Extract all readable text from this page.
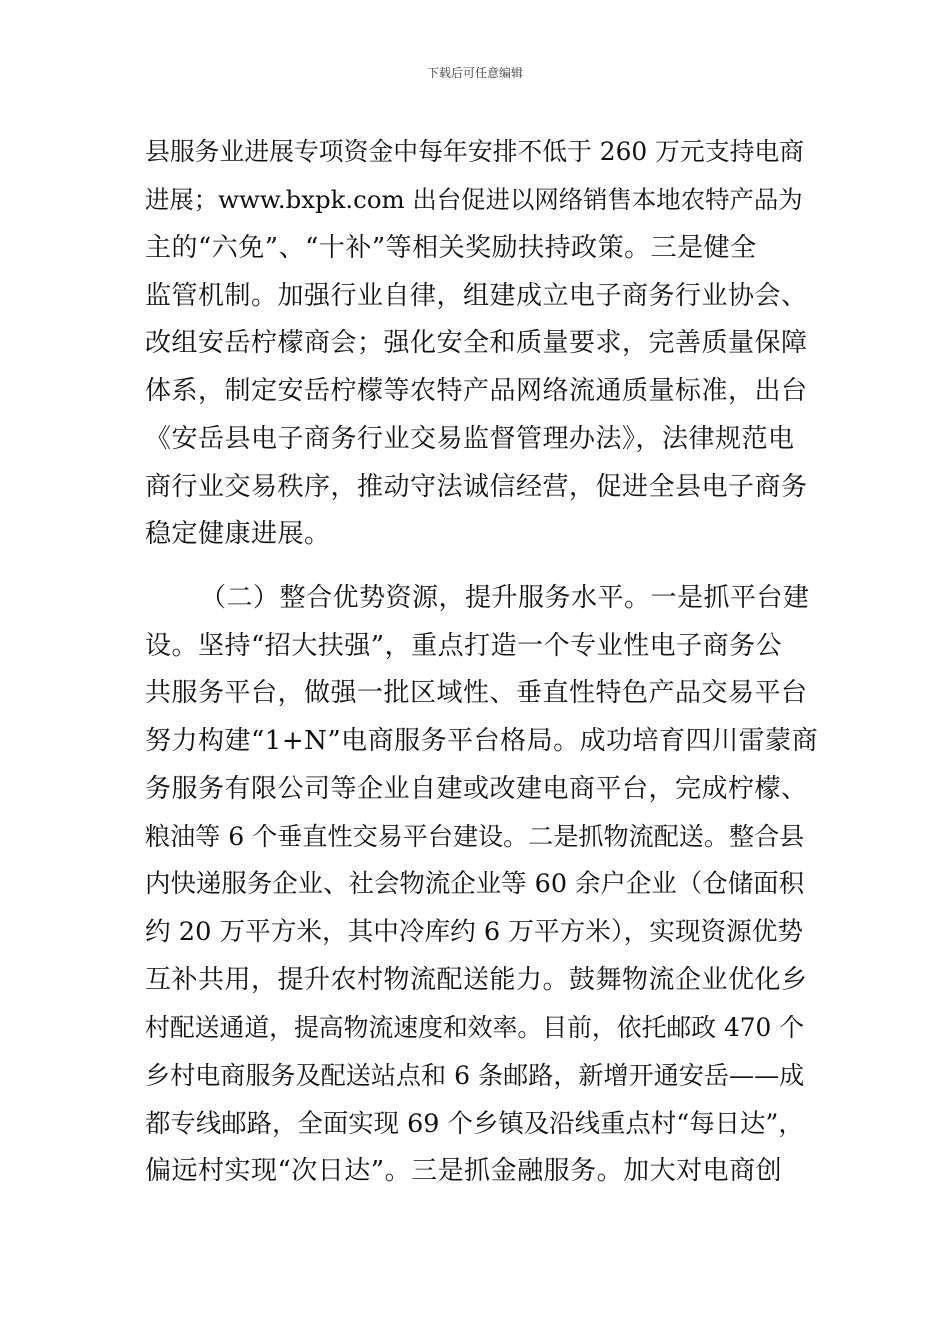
下载后可任意编辑
县服务业进展专项资金中每年安排不低于 260 万元支持电商
进展；www.bxpk.com 出台促进以网络销售本地农特产品为
主的“六免”、“十补”等相关奖励扶持政策。三是健全
监管机制。加强行业自律，组建成立电子商务行业协会、
改组安岳柠檬商会；强化安全和质量要求，完善质量保障
体系，制定安岳柠檬等农特产品网络流通质量标准，出台
《安岳县电子商务行业交易监督管理办法》，法律规范电
商行业交易秩序，推动守法诚信经营，促进全县电子商务
稳定健康进展。
（二）整合优势资源，提升服务水平。一是抓平台建
设。坚持“招大扶强”，重点打造一个专业性电子商务公
共服务平台，做强一批区域性、垂直性特色产品交易平台
努力构建“1+N”电商服务平台格局。成功培育四川雷蒙商
务服务有限公司等企业自建或改建电商平台，完成柠檬、
粮油等 6 个垂直性交易平台建设。二是抓物流配送。整合县
内快递服务企业、社会物流企业等 60 余户企业（仓储面积
约 20 万平方米，其中冷库约 6 万平方米），实现资源优势
互补共用，提升农村物流配送能力。鼓舞物流企业优化乡
村配送通道，提高物流速度和效率。目前，依托邮政 470 个
乡村电商服务及配送站点和 6 条邮路，新增开通安岳——成
都专线邮路，全面实现 69 个乡镇及沿线重点村“每日达”，
偏远村实现“次日达”。三是抓金融服务。加大对电商创
